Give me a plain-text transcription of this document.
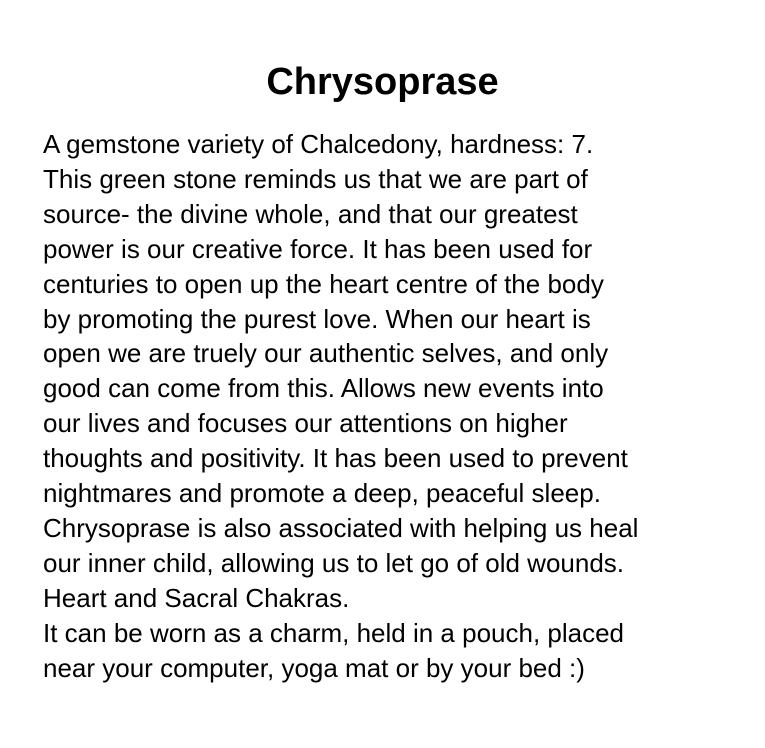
Chrysoprase
A gemstone variety of Chalcedony, hardness: 7.
This green stone reminds us that we are part of
source- the divine whole, and that our greatest
power is our creative force. It has been used for
centuries to open up the heart centre of the body
by promoting the purest love. When our heart is
open we are truely our authentic selves, and only
good can come from this. Allows new events into
our lives and focuses our attentions on higher
thoughts and positivity. It has been used to prevent
nightmares and promote a deep, peaceful sleep.
Chrysoprase is also associated with helping us heal
our inner child, allowing us to let go of old wounds.
Heart and Sacral Chakras.
It can be worn as a charm, held in a pouch, placed
near your computer, yoga mat or by your bed :)
